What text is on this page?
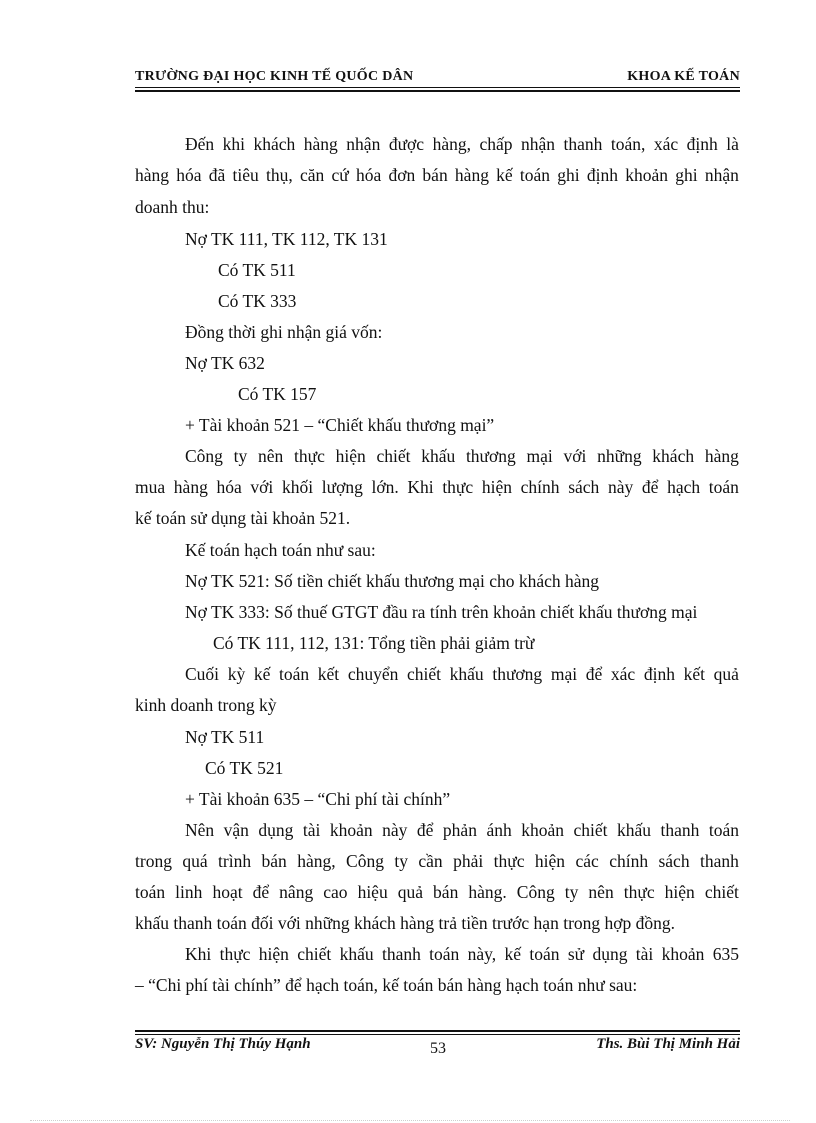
TRƯỜNG ĐẠI HỌC KINH TẾ QUỐC DÂN	KHOA KẾ TOÁN
Đến khi khách hàng nhận được hàng, chấp nhận thanh toán, xác định là
hàng hóa đã tiêu thụ, căn cứ hóa đơn bán hàng kế toán ghi định khoản ghi nhận
doanh thu:
Nợ TK 111, TK 112, TK 131
Có TK 511
Có TK 333
Đồng thời ghi nhận giá vốn:
Nợ TK 632
Có TK 157
+ Tài khoản 521 – “Chiết khấu thương mại”
Công ty nên thực hiện chiết khấu thương mại với những khách hàng
mua hàng hóa với khối lượng lớn. Khi thực hiện chính sách này để hạch toán
kế toán sử dụng tài khoản 521.
Kế toán hạch toán như sau:
Nợ TK 521: Số tiền chiết khấu thương mại cho khách hàng
Nợ TK 333: Số thuế GTGT đầu ra tính trên khoản chiết khấu thương mại
Có TK 111, 112, 131: Tổng tiền phải giảm trừ
Cuối kỳ kế toán kết chuyển chiết khấu thương mại để xác định kết quả
kinh doanh trong kỳ
Nợ TK 511
Có TK 521
+ Tài khoản 635 – “Chi phí tài chính”
Nên vận dụng tài khoản này để phản ánh khoản chiết khấu thanh toán
trong quá trình bán hàng, Công ty cần phải thực hiện các chính sách thanh
toán linh hoạt để nâng cao hiệu quả bán hàng. Công ty nên thực hiện chiết
khấu thanh toán đối với những khách hàng trả tiền trước hạn trong hợp đồng.
Khi thực hiện chiết khấu thanh toán này, kế toán sử dụng tài khoản 635
– “Chi phí tài chính” để hạch toán, kế toán bán hàng hạch toán như sau:
SV: Nguyễn Thị Thúy Hạnh	53	Ths. Bùi Thị Minh Hải
